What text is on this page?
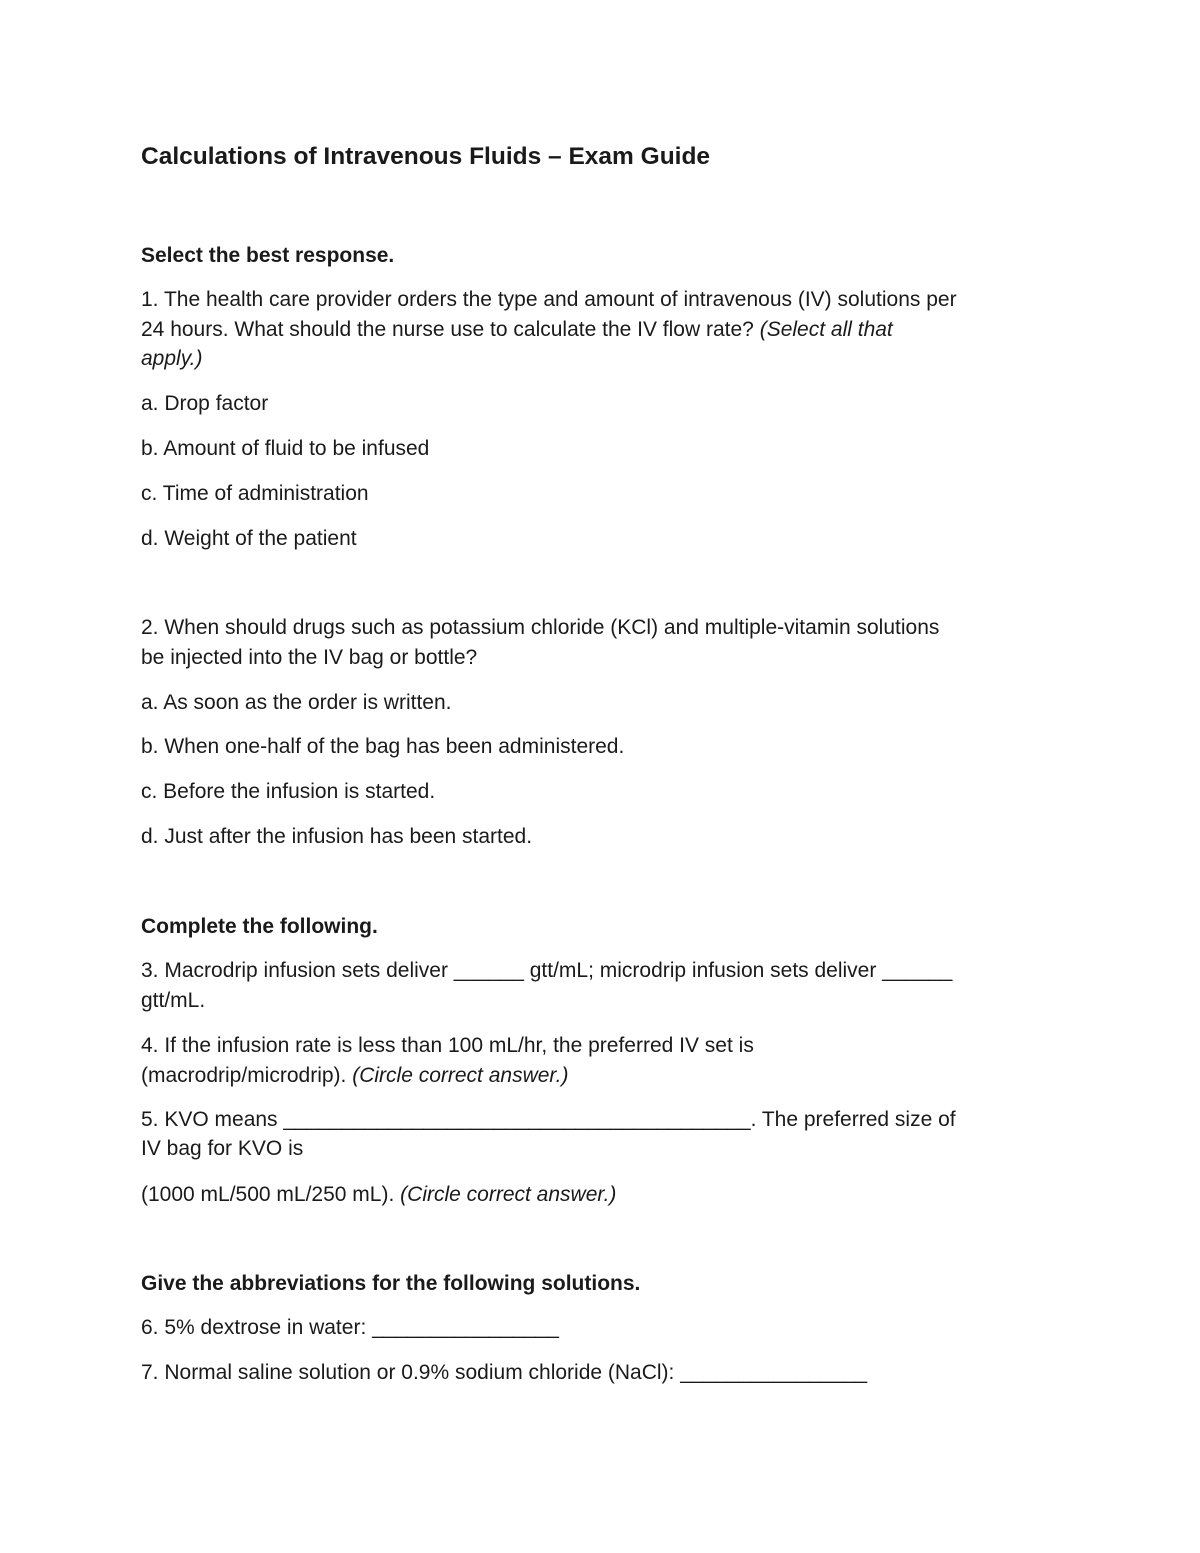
Calculations of Intravenous Fluids – Exam Guide

Select the best response.

1. The health care provider orders the type and amount of intravenous (IV) solutions per

24 hours. What should the nurse use to calculate the IV flow rate? (Select all that

apply.)

a. Drop factor

b. Amount of fluid to be infused

c. Time of administration

d. Weight of the patient

2. When should drugs such as potassium chloride (KCl) and multiple-vitamin solutions

be injected into the IV bag or bottle?

a. As soon as the order is written.

b. When one-half of the bag has been administered.

c. Before the infusion is started.

d. Just after the infusion has been started.

Complete the following.

3. Macrodrip infusion sets deliver ______ gtt/mL; microdrip infusion sets deliver ______

gtt/mL.

4. If the infusion rate is less than 100 mL/hr, the preferred IV set is

(macrodrip/microdrip). (Circle correct answer.)

5. KVO means ________________________________________. The preferred size of

IV bag for KVO is

(1000 mL/500 mL/250 mL). (Circle correct answer.)

Give the abbreviations for the following solutions.

6. 5% dextrose in water: ________________

7. Normal saline solution or 0.9% sodium chloride (NaCl): ________________
